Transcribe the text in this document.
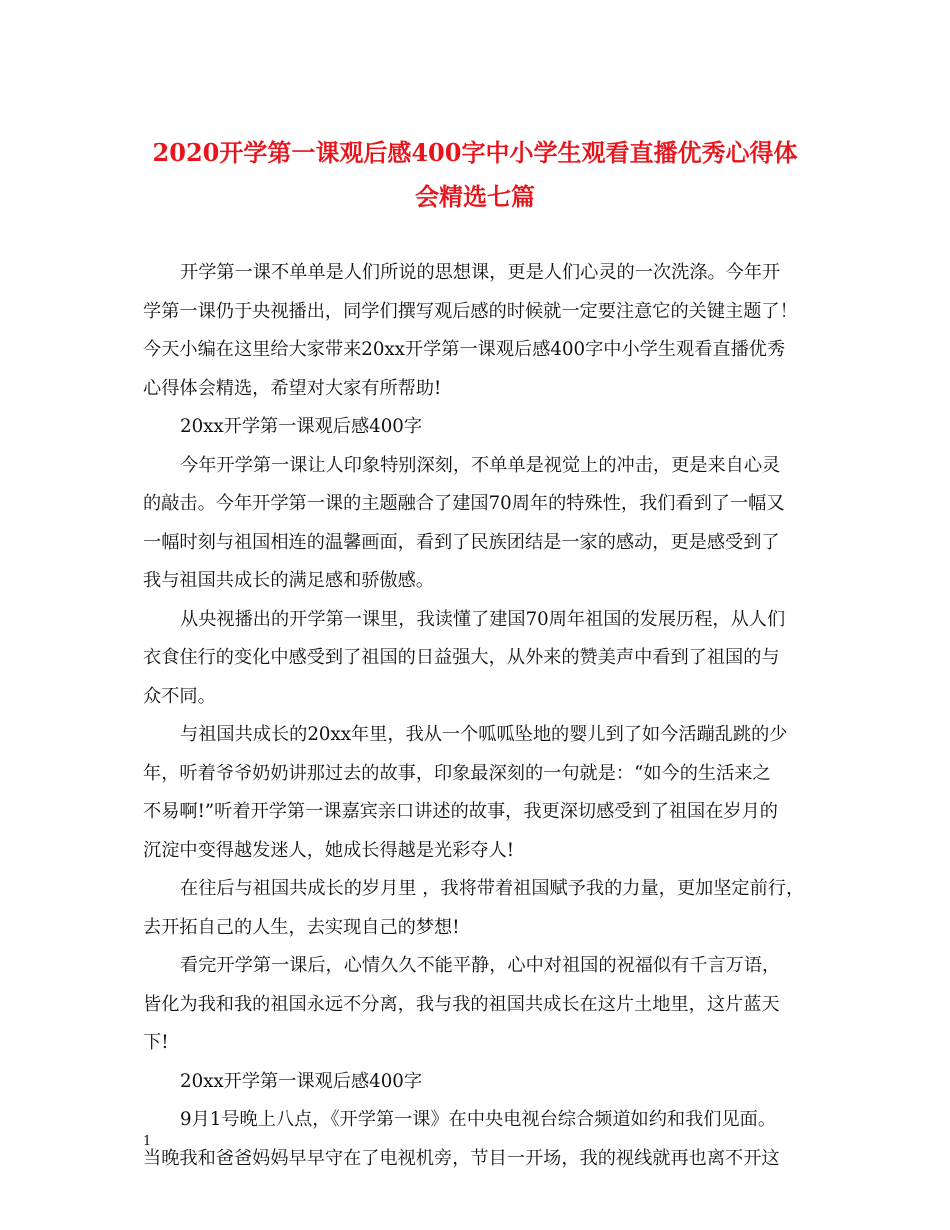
2020开学第一课观后感400字中小学生观看直播优秀心得体
会精选七篇
开学第一课不单单是人们所说的思想课，更是人们心灵的一次洗涤。今年开
学第一课仍于央视播出，同学们撰写观后感的时候就一定要注意它的关键主题了！
今天小编在这里给大家带来20xx开学第一课观后感400字中小学生观看直播优秀
心得体会精选，希望对大家有所帮助!
20xx开学第一课观后感400字
今年开学第一课让人印象特别深刻，不单单是视觉上的冲击，更是来自心灵
的敲击。今年开学第一课的主题融合了建国70周年的特殊性，我们看到了一幅又
一幅时刻与祖国相连的温馨画面，看到了民族团结是一家的感动，更是感受到了
我与祖国共成长的满足感和骄傲感。
从央视播出的开学第一课里，我读懂了建国70周年祖国的发展历程，从人们
衣食住行的变化中感受到了祖国的日益强大，从外来的赞美声中看到了祖国的与
众不同。
与祖国共成长的20xx年里，我从一个呱呱坠地的婴儿到了如今活蹦乱跳的少
年，听着爷爷奶奶讲那过去的故事，印象最深刻的一句就是：“如今的生活来之
不易啊!”听着开学第一课嘉宾亲口讲述的故事，我更深切感受到了祖国在岁月的
沉淀中变得越发迷人，她成长得越是光彩夺人!
在往后与祖国共成长的岁月里 ，我将带着祖国赋予我的力量，更加坚定前行，
去开拓自己的人生，去实现自己的梦想!
看完开学第一课后，心情久久不能平静，心中对祖国的祝福似有千言万语，
皆化为我和我的祖国永远不分离，我与我的祖国共成长在这片土地里，这片蓝天
下!
20xx开学第一课观后感400字
9月1号晚上八点，《开学第一课》在中央电视台综合频道如约和我们见面。
当晚我和爸爸妈妈早早守在了电视机旁，节目一开场，我的视线就再也离不开这
1
